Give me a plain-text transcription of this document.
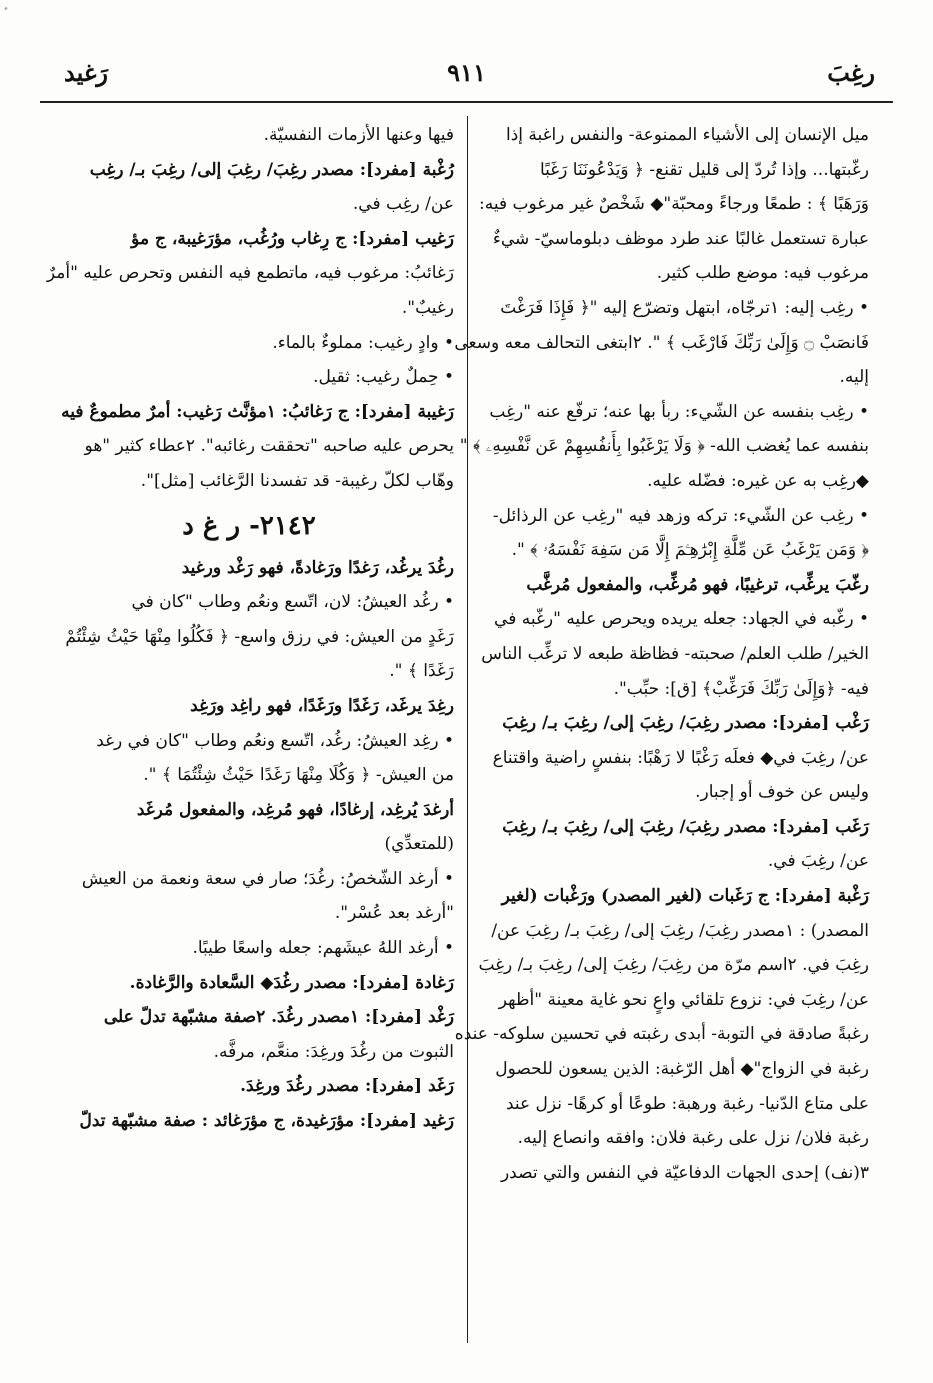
ﾞ
رغِبَ
٩١١
رَغيد
ميل الإنسان إلى الأشياء الممنوعة- والنفس راغبة إذا
رغّبتها... وإذا تُردّ إلى قليل تقنع- ﴿ وَيَدْعُونَنَا رَغَبًا
وَرَهَبًا ﴾ : طمعًا ورجاءً ومحبّة"◆ شَخْصٌ غير مرغوب فيه:
عبارة تستعمل غالبًا عند طرد موظف دبلوماسيّ- شيءٌ
مرغوب فيه: موضع طلب كثير.
• رغِب إليه: ١ترجّاه، ابتهل وتضرّع إليه "﴿ فَإِذَا فَرَغْتَ
فَانصَبْ ۝ وَإِلَىٰ رَبِّكَ فَارْغَب ﴾ ". ٢ابتغى التحالف معه وسعى
إليه.
• رغِب بنفسه عن الشّيء: ربأ بها عنه؛ ترفّع عنه "رغِب
بنفسه عما يُغضب الله- ﴿ وَلَا يَرْغَبُوا بِأَنفُسِهِمْ عَن نَّفْسِهِۦ ﴾ "
◆رغِب به عن غيره: فضّله عليه.
• رغِب عن الشّيء: تركه وزهد فيه "رغِب عن الرذائل-
﴿ وَمَن يَرْغَبُ عَن مِّلَّةِ إِبْرَٰهِـۧمَ إِلَّا مَن سَفِهَ نَفْسَهُۥ ﴾ ".
رغّبَ يرغِّب، ترغيبًا، فهو مُرغِّب، والمفعول مُرغَّب
• رغّبه في الجهاد: جعله يريده ويحرص عليه "رغّبه في
الخير/ طلب العلم/ صحبته- فظاظة طبعه لا ترغِّب الناس
فيه- ﴿وَإِلَىٰ رَبِّكَ فَرَغِّبْ﴾ [ق]: حبِّب".
رَغْب [مفرد]: مصدر رغِبَ/ رغِبَ إلى/ رغِبَ بـ/ رغِبَ
عن/ رغِبَ في◆ فعلَه رَغْبًا لا رَهْبًا: بنفسٍ راضية واقتناع
وليس عن خوف أو إجبار.
رَغَب [مفرد]: مصدر رغِبَ/ رغِبَ إلى/ رغِبَ بـ/ رغِبَ
عن/ رغِبَ في.
رَغْبة [مفرد]: ج رَغَبات (لغير المصدر) ورَغْبات (لغير
المصدر) : ١مصدر رغِبَ/ رغِبَ إلى/ رغِبَ بـ/ رغِبَ عن/
رغِبَ في. ٢اسم مرّة من رغِبَ/ رغِبَ إلى/ رغِبَ بـ/ رغِبَ
عن/ رغِبَ في: نزوع تلقائي واعٍ نحو غاية معينة "أظهر
رغبةً صادقة في التوبة- أبدى رغبته في تحسين سلوكه- عنده
رغبة في الزواج"◆ أهل الرّغبة: الذين يسعون للحصول
على متاع الدّنيا- رغبة ورهبة: طوعًا أو كرهًا- نزل عند
رغبة فلان/ نزل على رغبة فلان: وافقه وانصاع إليه.
٣(نف) إحدى الجهات الدفاعيّة في النفس والتي تصدر
فيها وعنها الأزمات النفسيّة.
رُغْبة [مفرد]: مصدر رغِبَ/ رغِبَ إلى/ رغِبَ بـ/ رغِب
عن/ رغِب في.
رَغيب [مفرد]: ج رِغاب ورُغُب، مؤرَغيبة، ج مؤ
رَغائبُ: مرغوب فيه، ماتطمع فيه النفس وتحرص عليه "أمرٌ
رغيبٌ".
• وادٍ رغيب: مملوءٌ بالماء.
• حِملٌ رغيب: ثقيل.
رَغيبة [مفرد]: ج رَغائبُ: ١مؤنَّث رَغيب: أمرٌ مطموعٌ فيه
يحرص عليه صاحبه "تحققت رغائبه". ٢عطاء كثير "هو
وهّاب لكلّ رغيبة- قد تفسدنا الرَّغائب [مثل]".
٢١٤٢- ر غ د
رغُدَ يرغُد، رَغدًا ورَغادةً، فهو رَغْد ورغيد
• رغُد العيشُ: لان، اتّسع ونعُم وطاب "كان في
رَغَدٍ من العيش: في رزق واسع- ﴿ فَكُلُوا مِنْهَا حَيْثُ شِئْتُمْ
رَغَدًا ﴾ ".
رغِدَ يرغَد، رَغَدًا ورَغَدًا، فهو راغِد ورَغِد
• رغِد العيشُ: رغُد، اتّسع ونعُم وطاب "كان في رغد
من العيش- ﴿ وَكُلَا مِنْهَا رَغَدًا حَيْثُ شِئْتُمَا ﴾ ".
أرغدَ يُرغِد، إرغادًا، فهو مُرغِد، والمفعول مُرغَد
(للمتعدِّي)
• أرغد الشّخصُ: رغُدَ؛ صار في سعة ونعمة من العيش
"أرغد بعد عُسْر".
• أرغد اللهُ عيشَهم: جعله واسعًا طيبًا.
رَغادة [مفرد]: مصدر رغُدَ◆ السَّعادة والرَّغادة.
رَغْد [مفرد]: ١مصدر رغُدَ. ٢صفة مشبّهة تدلّ على
الثبوت من رغُدَ ورغِدَ: منعَّم، مرفَّه.
رَغَد [مفرد]: مصدر رغُدَ ورغِدَ.
رَغيد [مفرد]: مؤرَغيدة، ج مؤرَغائد : صفة مشبّهة تدلّ
